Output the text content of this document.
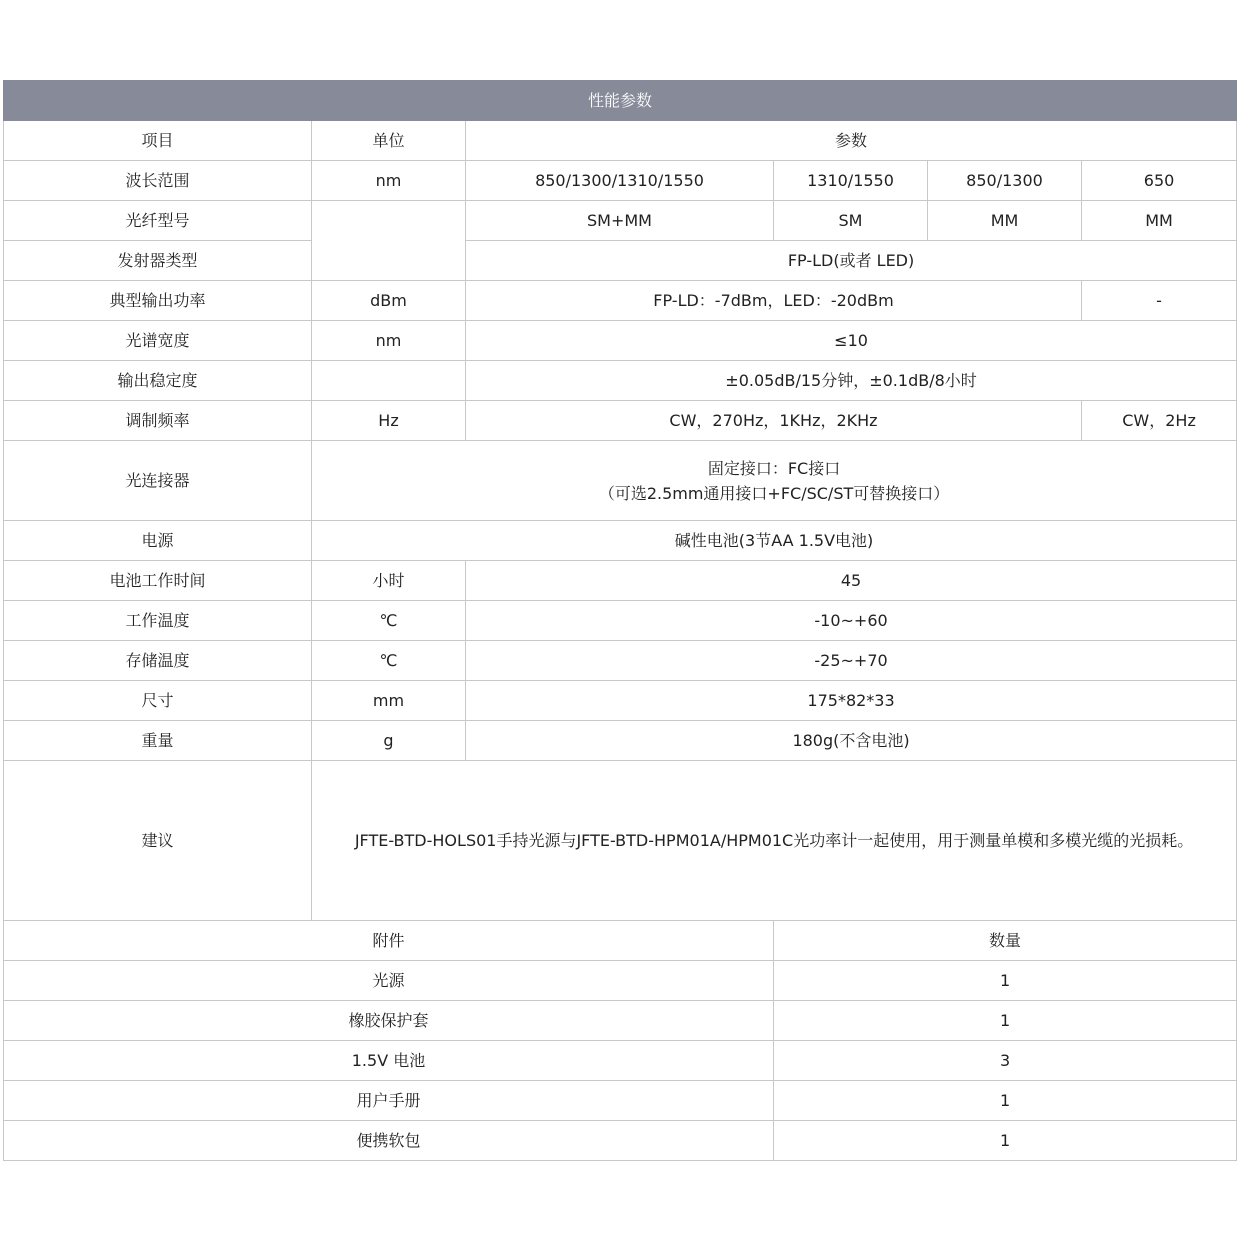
性能参数					
项目	单位	参数			
波长范围	nm	850/1300/1310/1550	1310/1550	850/1300	650
光纤型号		SM+MM	SM	MM	MM
发射器类型		FP-LD(或者 LED)			
典型输出功率	dBm	FP-LD：-7dBm，LED：-20dBm			-
光谱宽度	nm	≤10			
输出稳定度		±0.05dB/15分钟，±0.1dB/8小时			
调制频率	Hz	CW，270Hz，1KHz，2KHz			CW，2Hz
光连接器	固定接口：FC接口
（可选2.5mm通用接口+FC/SC/ST可替换接口）				

电源	碱性电池(3节AA 1.5V电池)				
电池工作时间	小时	45			
工作温度	℃	-10~+60			
存储温度	℃	-25~+70			
尺寸	mm	175*82*33			
重量	g	180g(不含电池)			
建议	JFTE-BTD-HOLS01手持光源与JFTE-BTD-HPM01A/HPM01C光功率计一起使用，用于测量单模和多模光缆的光损耗。				
附件			数量		
光源			1		
橡胶保护套			1		
1.5V 电池			3		
用户手册			1		
便携软包			1		
